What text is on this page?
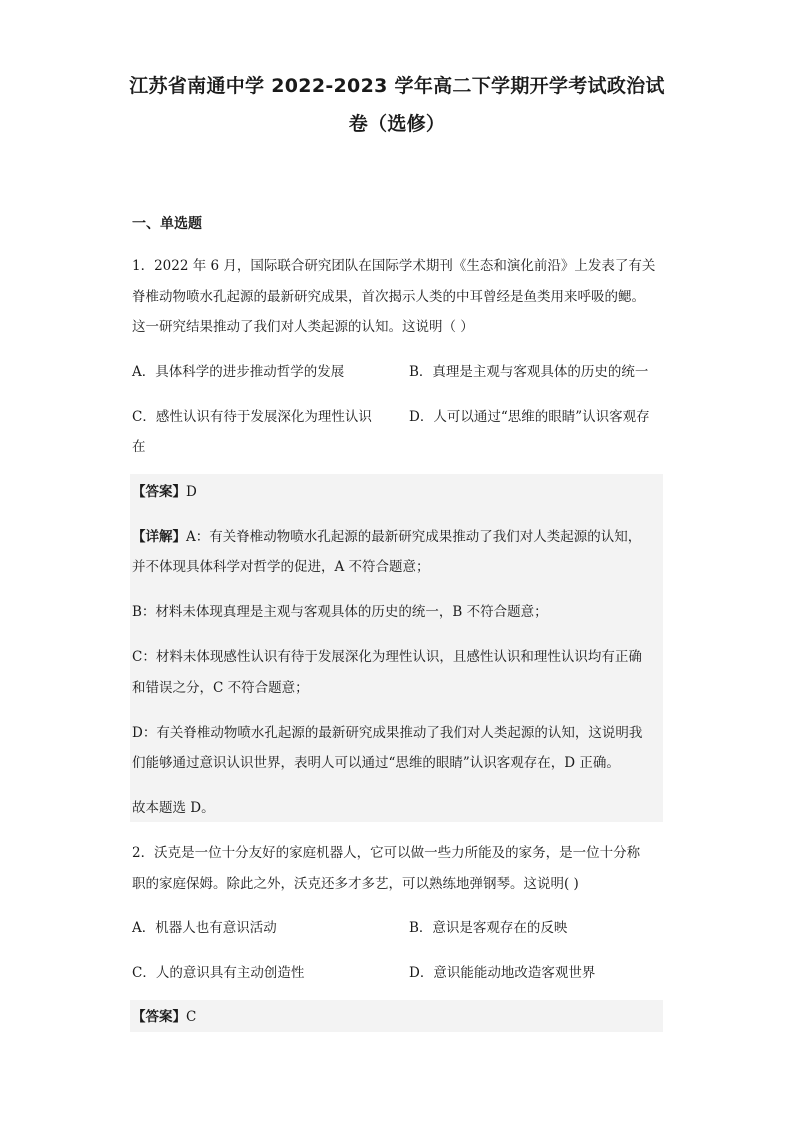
江苏省南通中学 2022-2023 学年高二下学期开学考试政治试
卷（选修）
一、单选题
1．2022 年 6 月，国际联合研究团队在国际学术期刊《生态和演化前沿》上发表了有关
脊椎动物喷水孔起源的最新研究成果，首次揭示人类的中耳曾经是鱼类用来呼吸的鳃。
这一研究结果推动了我们对人类起源的认知。这说明（ ）
A．具体科学的进步推动哲学的发展	B．真理是主观与客观具体的历史的统一
C．感性认识有待于发展深化为理性认识	D．人可以通过“思维的眼睛”认识客观存
在
【答案】D
【详解】A：有关脊椎动物喷水孔起源的最新研究成果推动了我们对人类起源的认知，
并不体现具体科学对哲学的促进，A 不符合题意；
B：材料未体现真理是主观与客观具体的历史的统一，B 不符合题意；
C：材料未体现感性认识有待于发展深化为理性认识，且感性认识和理性认识均有正确
和错误之分，C 不符合题意；
D：有关脊椎动物喷水孔起源的最新研究成果推动了我们对人类起源的认知，这说明我
们能够通过意识认识世界，表明人可以通过“思维的眼睛”认识客观存在，D 正确。
故本题选 D。
2．沃克是一位十分友好的家庭机器人，它可以做一些力所能及的家务，是一位十分称
职的家庭保姆。除此之外，沃克还多才多艺，可以熟练地弹钢琴。这说明( )
A．机器人也有意识活动	B．意识是客观存在的反映
C．人的意识具有主动创造性	D．意识能能动地改造客观世界
【答案】C
